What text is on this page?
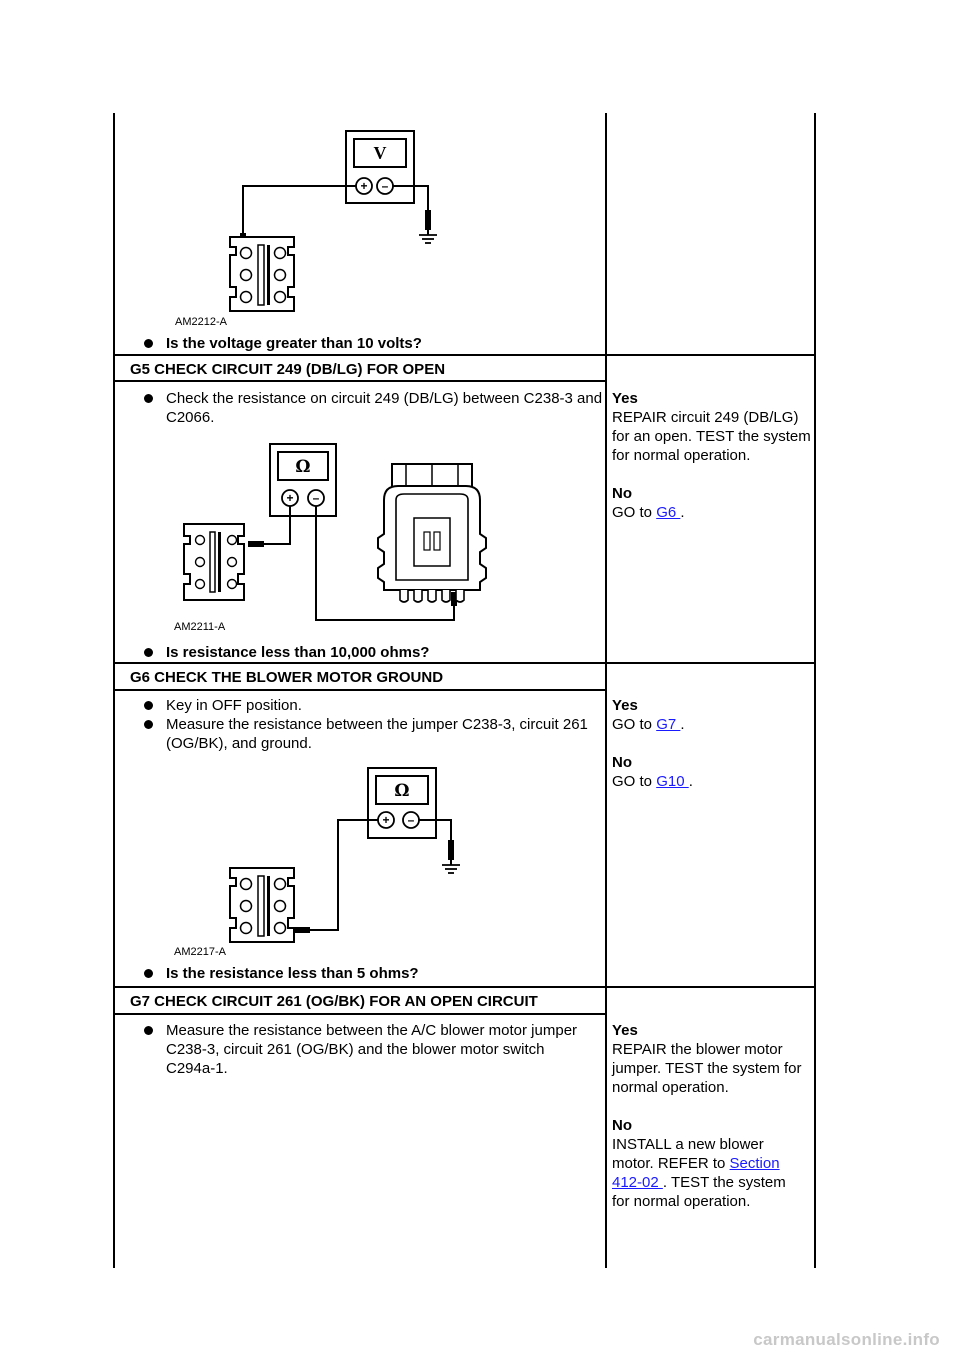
V
+ –
AM2212-A
Is the voltage greater than 10 volts?
G5 CHECK CIRCUIT 249 (DB/LG) FOR OPEN
Check the resistance on circuit 249 (DB/LG) between C238-3 and C2066.
Ω
+ –
AM2211-A
Is resistance less than 10,000 ohms?
Yes
REPAIR circuit 249 (DB/LG) for an open. TEST the system for normal operation.
No
GO to G6 .
G6 CHECK THE BLOWER MOTOR GROUND
Key in OFF position.
Measure the resistance between the jumper C238-3, circuit 261 (OG/BK), and ground.
Ω
+ –
AM2217-A
Is the resistance less than 5 ohms?
Yes
GO to G7 .
No
GO to G10 .
G7 CHECK CIRCUIT 261 (OG/BK) FOR AN OPEN CIRCUIT
Measure the resistance between the A/C blower motor jumper C238-3, circuit 261 (OG/BK) and the blower motor switch C294a-1.
Yes
REPAIR the blower motor jumper. TEST the system for normal operation.
No
INSTALL a new blower motor. REFER to Section 412-02 . TEST the system for normal operation.
carmanualsonline.info
